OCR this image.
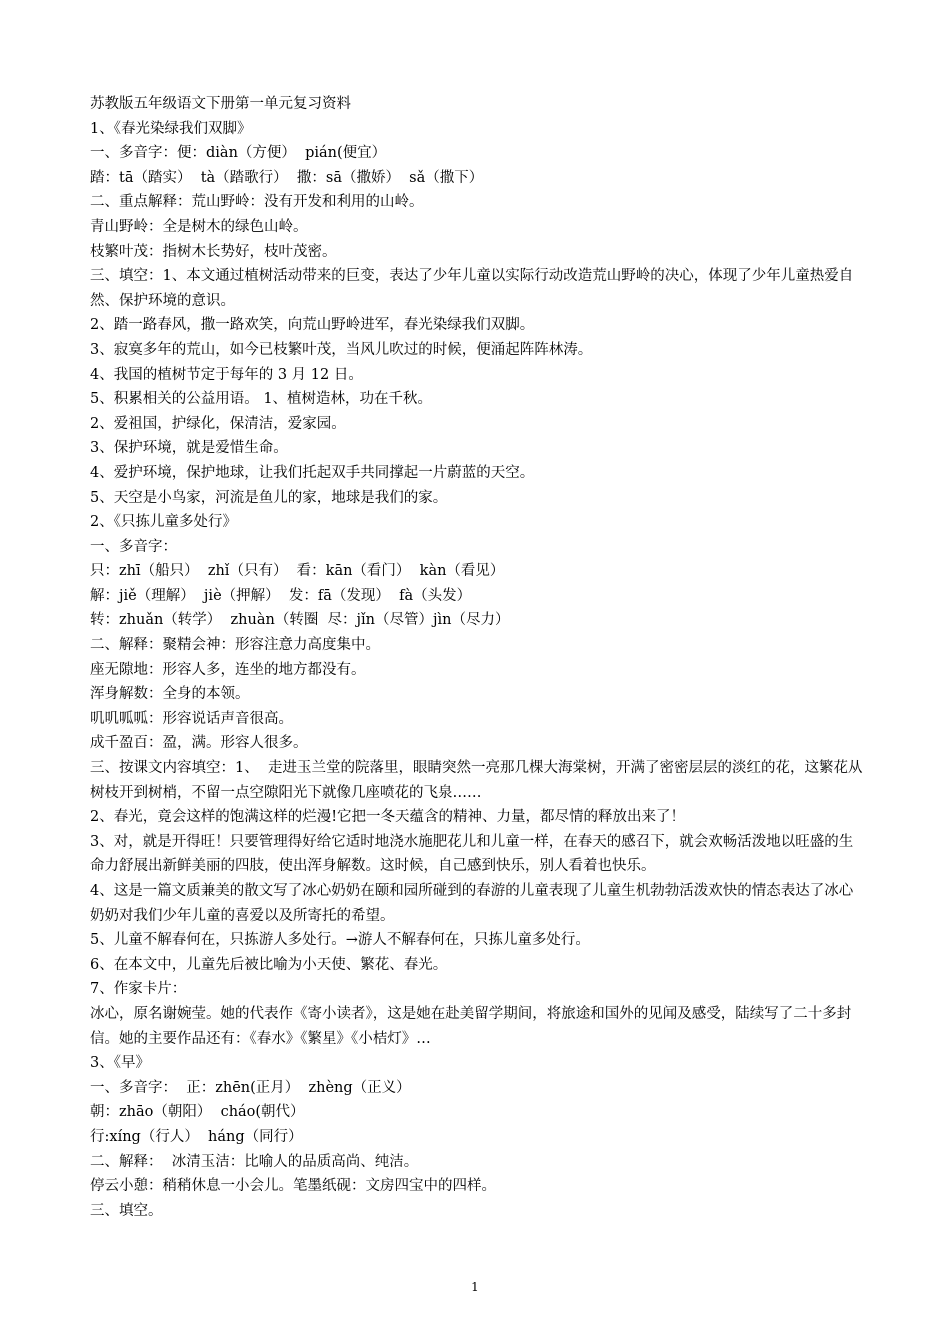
苏教版五年级语文下册第一单元复习资料

1、《春光染绿我们双脚》

一、多音字：便：diàn（方便）  pián(便宜）

踏：tā（踏实）  tà（踏歌行）  撒：sā（撒娇）  sǎ（撒下）

二、重点解释：荒山野岭：没有开发和利用的山岭。

青山野岭：全是树木的绿色山岭。

枝繁叶茂：指树木长势好，枝叶茂密。

三、填空：1、本文通过植树活动带来的巨变，表达了少年儿童以实际行动改造荒山野岭的决心，体现了少年儿童热爱自然、保护环境的意识。

2、踏一路春风，撒一路欢笑，向荒山野岭进军，春光染绿我们双脚。

3、寂寞多年的荒山，如今已枝繁叶茂，当风儿吹过的时候，便涌起阵阵林涛。

4、我国的植树节定于每年的 3 月 12 日。

5、积累相关的公益用语。 1、植树造林，功在千秋。

2、爱祖国，护绿化，保清洁，爱家园。

3、保护环境，就是爱惜生命。

4、爱护环境，保护地球，让我们托起双手共同撑起一片蔚蓝的天空。

5、天空是小鸟家，河流是鱼儿的家，地球是我们的家。

2、《只拣儿童多处行》

一、多音字：

只：zhī（船只）  zhǐ（只有）  看：kān（看门）  kàn（看见）

解：jiě（理解）  jiè（押解）  发：fā（发现）  fà（头发）

转：zhuǎn（转学）  zhuàn（转圈  尽：jǐn（尽管）jìn（尽力）

二、解释：聚精会神：形容注意力高度集中。

座无隙地：形容人多，连坐的地方都没有。

浑身解数：全身的本领。

叽叽呱呱：形容说话声音很高。

成千盈百：盈，满。形容人很多。

三、按课文内容填空：1、  走进玉兰堂的院落里，眼睛突然一亮那几棵大海棠树，开满了密密层层的淡红的花，这繁花从树枝开到树梢，不留一点空隙阳光下就像几座喷花的飞泉……

2、春光，竟会这样的饱满这样的烂漫!它把一冬天蕴含的精神、力量，都尽情的释放出来了！

3、对，就是开得旺！只要管理得好给它适时地浇水施肥花儿和儿童一样，在春天的感召下，就会欢畅活泼地以旺盛的生命力舒展出新鲜美丽的四肢，使出浑身解数。这时候，自己感到快乐，别人看着也快乐。

4、这是一篇文质兼美的散文写了冰心奶奶在颐和园所碰到的春游的儿童表现了儿童生机勃勃活泼欢快的情态表达了冰心奶奶对我们少年儿童的喜爱以及所寄托的希望。

5、儿童不解春何在，只拣游人多处行。→游人不解春何在，只拣儿童多处行。

6、在本文中，儿童先后被比喻为小天使、繁花、春光。

7、作家卡片：

冰心，原名谢婉莹。她的代表作《寄小读者》，这是她在赴美留学期间，将旅途和国外的见闻及感受，陆续写了二十多封信。她的主要作品还有：《春水》《繁星》《小桔灯》…

3、《早》

一、多音字：  正：zhēn(正月）  zhèng（正义）

朝：zhāo（朝阳）  cháo(朝代）

行:xíng（行人）  háng（同行）

二、解释：  冰清玉洁：比喻人的品质高尚、纯洁。

停云小憩：稍稍休息一小会儿。笔墨纸砚：文房四宝中的四样。

三、填空。

1
